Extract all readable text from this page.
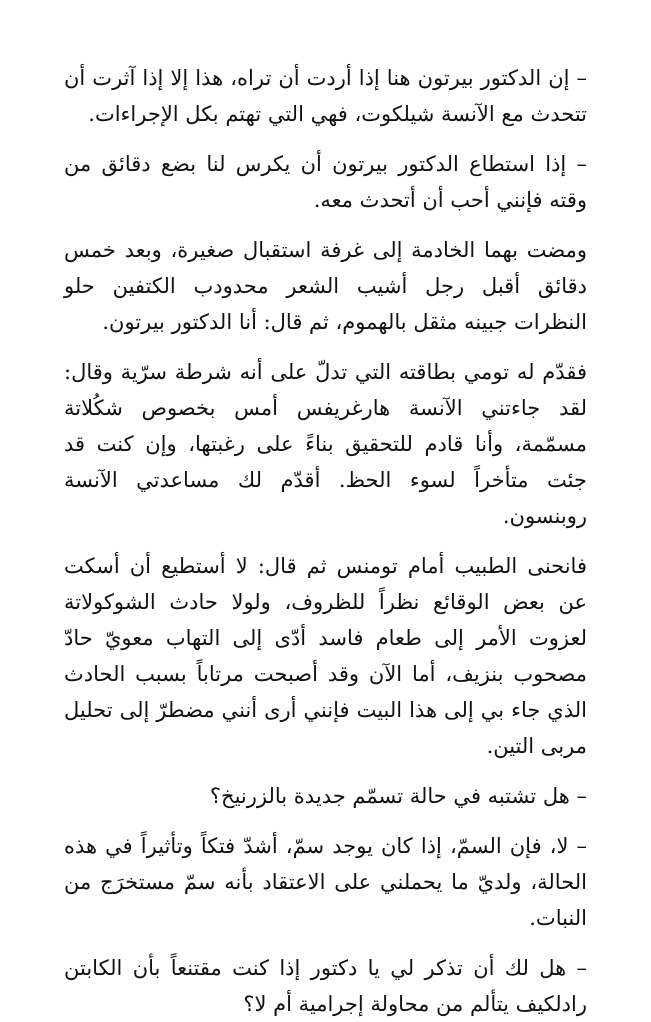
– إن الدكتور بيرتون هنا إذا أردت أن تراه، هذا إلا إذا آثرت أن تتحدث مع الآنسة شيلكوت، فهي التي تهتم بكل الإجراءات.

– إذا استطاع الدكتور بيرتون أن يكرس لنا بضع دقائق من وقته فإنني أحب أن أتحدث معه.

ومضت بهما الخادمة إلى غرفة استقبال صغيرة، وبعد خمس دقائق أقبل رجل أشيب الشعر محدودب الكتفين حلو النظرات جبينه مثقل بالهموم، ثم قال: أنا الدكتور بيرتون.

فقدّم له تومي بطاقته التي تدلّ على أنه شرطة سرّية وقال: لقد جاءتني الآنسة هارغريفس أمس بخصوص شكُلاتة مسمّمة، وأنا قادم للتحقيق بناءً على رغبتها، وإن كنت قد جئت متأخراً لسوء الحظ. أقدّم لك مساعدتي الآنسة روبنسون.

فانحنى الطبيب أمام تومنس ثم قال: لا أستطيع أن أسكت عن بعض الوقائع نظراً للظروف، ولولا حادث الشوكولاتة لعزوت الأمر إلى طعام فاسد أدّى إلى التهاب معويّ حادّ مصحوب بنزيف، أما الآن وقد أصبحت مرتاباً بسبب الحادث الذي جاء بي إلى هذا البيت فإنني أرى أنني مضطرّ إلى تحليل مربى التين.

– هل تشتبه في حالة تسمّم جديدة بالزرنيخ؟

– لا، فإن السمّ، إذا كان يوجد سمّ، أشدّ فتكاً وتأثيراً في هذه الحالة، ولديّ ما يحملني على الاعتقاد بأنه سمّ مستخرَج من النبات.

– هل لك أن تذكر لي يا دكتور إذا كنت مقتنعاً بأن الكابتن رادلكيف يتألم من محاولة إجرامية أم لا؟
